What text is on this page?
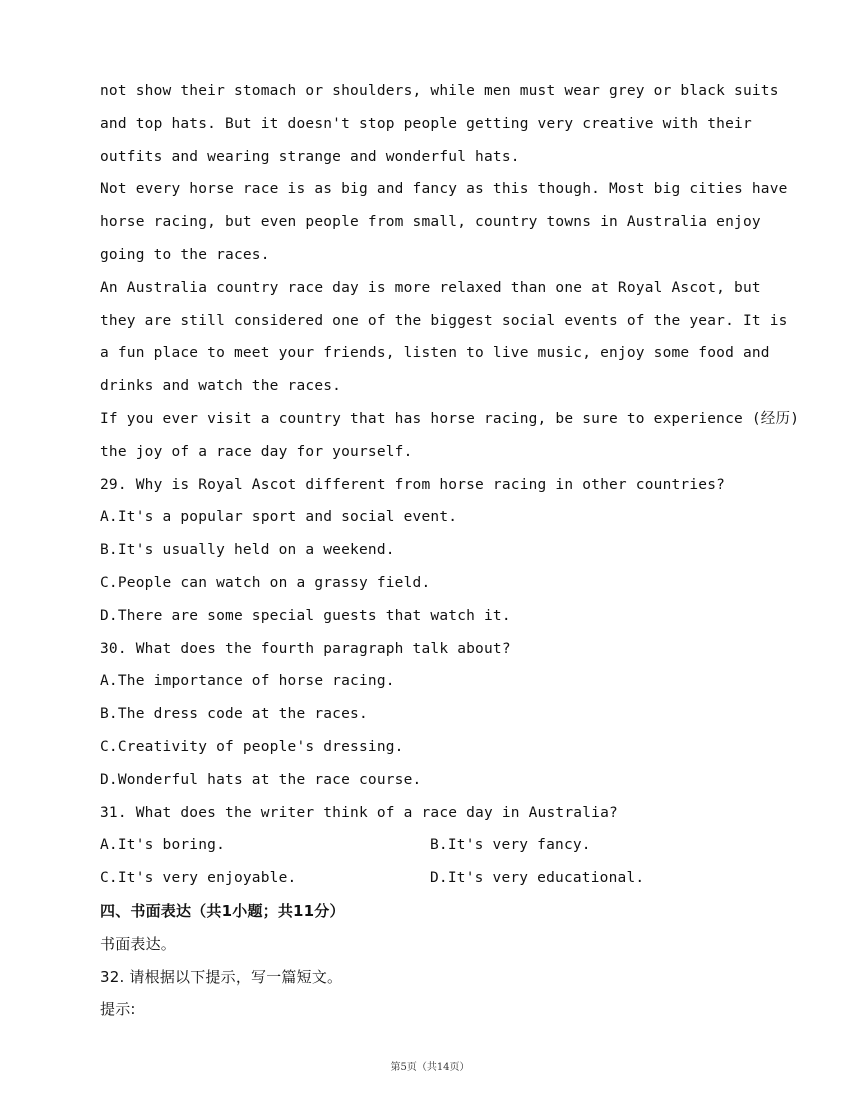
not show their stomach or shoulders, while men must wear grey or black suits
and top hats. But it doesn't stop people getting very creative with their
outfits and wearing strange and wonderful hats.
Not every horse race is as big and fancy as this though. Most big cities have
horse racing, but even people from small, country towns in Australia enjoy
going to the races.
An Australia country race day is more relaxed than one at Royal Ascot, but
they are still considered one of the biggest social events of the year. It is
a fun place to meet your friends, listen to live music, enjoy some food and
drinks and watch the races.
If you ever visit a country that has horse racing, be sure to experience (经历)
the joy of a race day for yourself.
29. Why is Royal Ascot different from horse racing in other countries?
A.It's a popular sport and social event.
B.It's usually held on a weekend.
C.People can watch on a grassy field.
D.There are some special guests that watch it.
30. What does the fourth paragraph talk about?
A.The importance of horse racing.
B.The dress code at the races.
C.Creativity of people's dressing.
D.Wonderful hats at the race course.
31. What does the writer think of a race day in Australia?
A.It's boring.	B.It's very fancy.
C.It's very enjoyable.	D.It's very educational.
四、书面表达（共1小题；共11分）
书面表达。
32. 请根据以下提示，写一篇短文。
提示:
第5页（共14页）
